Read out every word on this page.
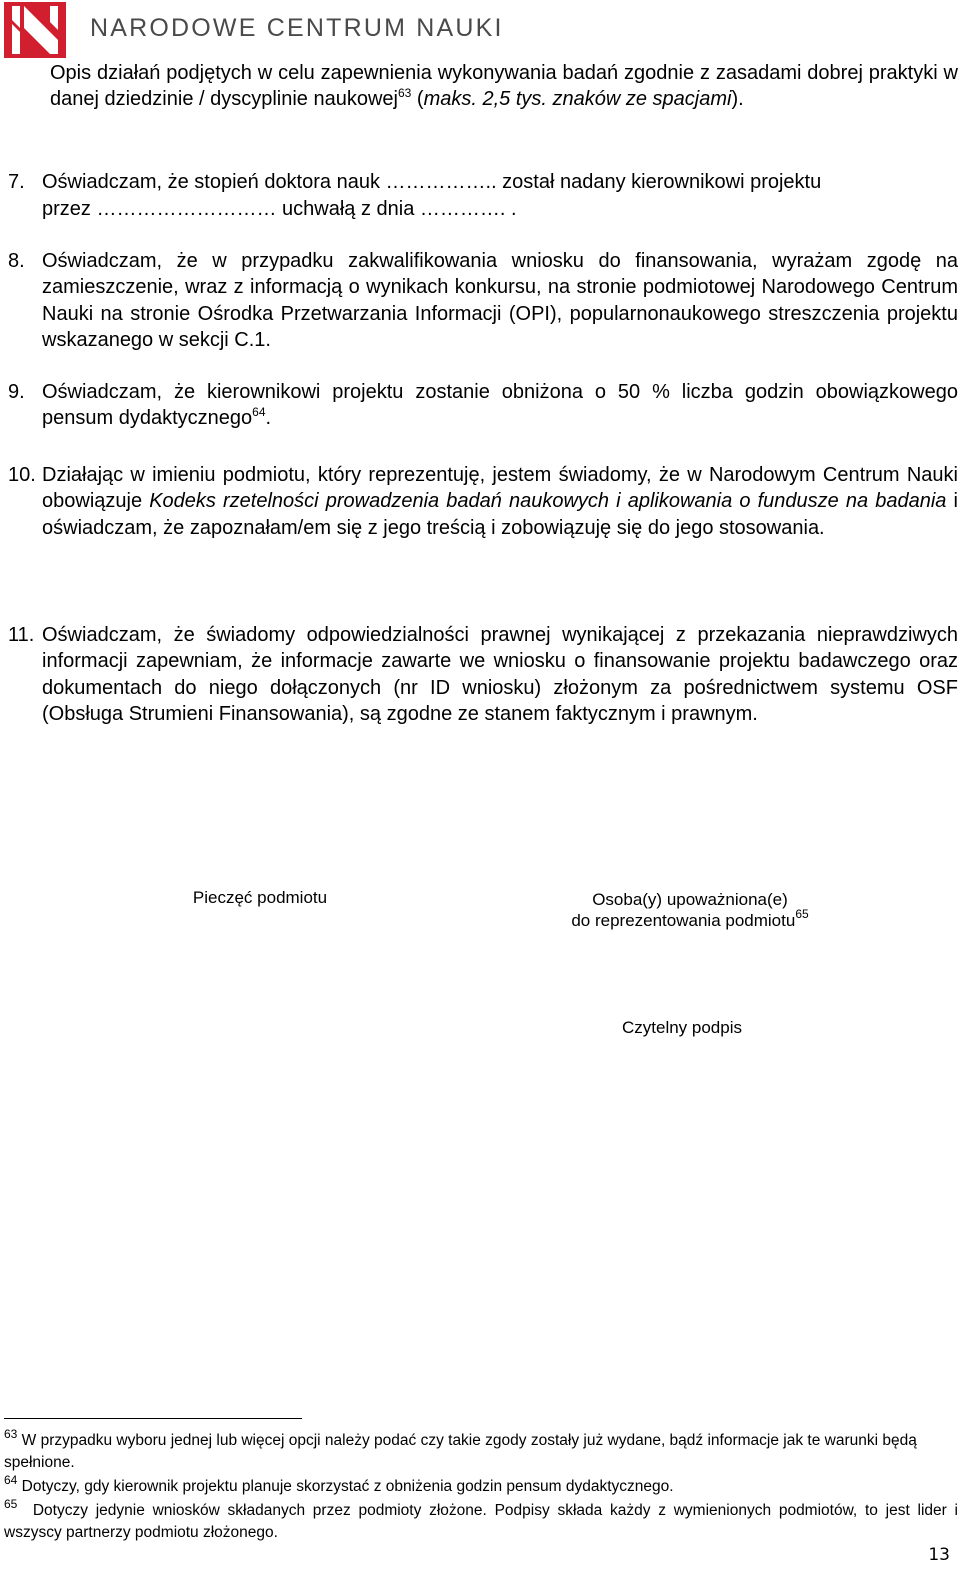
NARODOWE CENTRUM NAUKI
Opis działań podjętych w celu zapewnienia wykonywania badań zgodnie z zasadami dobrej praktyki w danej dziedzinie / dyscyplinie naukowej$^{63}$ (maks. 2,5 tys. znaków ze spacjami).
7. Oświadczam, że stopień doktora nauk …………….. został nadany kierownikowi projektu
przez ……………………… uchwałą z dnia …………. .
8. Oświadczam, że w przypadku zakwalifikowania wniosku do finansowania, wyrażam zgodę na zamieszczenie, wraz z informacją o wynikach konkursu, na stronie podmiotowej Narodowego Centrum Nauki na stronie Ośrodka Przetwarzania Informacji (OPI), popularnonaukowego streszczenia projektu wskazanego w sekcji C.1.
9. Oświadczam, że kierownikowi projektu zostanie obniżona o 50 % liczba godzin obowiązkowego pensum dydaktycznego$^{64}$.
10. Działając w imieniu podmiotu, który reprezentuję, jestem świadomy, że w Narodowym Centrum Nauki obowiązuje Kodeks rzetelności prowadzenia badań naukowych i aplikowania o fundusze na badania i oświadczam, że zapoznałam/em się z jego treścią i zobowiązuję się do jego stosowania.
11. Oświadczam, że świadomy odpowiedzialności prawnej wynikającej z przekazania nieprawdziwych informacji zapewniam, że informacje zawarte we wniosku o finansowanie projektu badawczego oraz dokumentach do niego dołączonych (nr ID wniosku) złożonym za pośrednictwem systemu OSF (Obsługa Strumieni Finansowania), są zgodne ze stanem faktycznym i prawnym.
Pieczęć podmiotu	Osoba(y) upoważniona(e)
do reprezentowania podmiotu$^{65}$
Czytelny podpis
$^{63}$ W przypadku wyboru jednej lub więcej opcji należy podać czy takie zgody zostały już wydane, bądź informacje jak te warunki będą spełnione.
$^{64}$ Dotyczy, gdy kierownik projektu planuje skorzystać z obniżenia godzin pensum dydaktycznego.
$^{65}$ Dotyczy jedynie wniosków składanych przez podmioty złożone. Podpisy składa każdy z wymienionych podmiotów, to jest lider i wszyscy partnerzy podmiotu złożonego.
13
